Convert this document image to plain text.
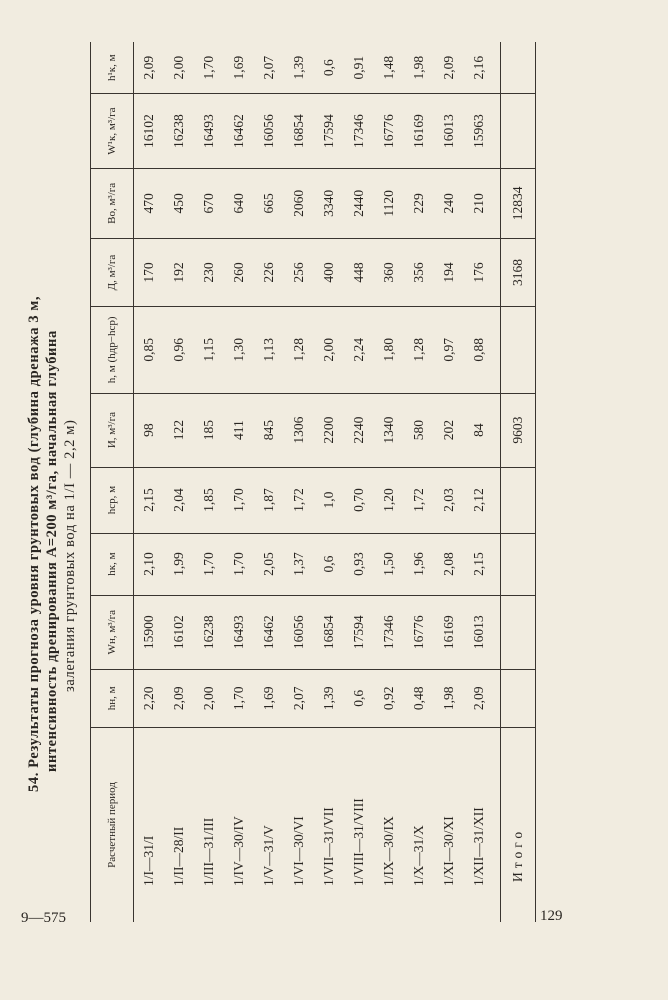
54. Результаты прогноза уровня грунтовых вод (глубина дренажа 3 м, интенсивность дренирования A=200 м³/га, начальная глубина залегания грунтовых вод на 1/I — 2,2 м)
Расчетный период	hн, м	Wн, м³/га	hк, м	hср, м	И, м³/га	h, м (hдр−hср)	Д, м³/га	Bо, м³/га	W¹к, м³/га	h¹к, м
1/I—31/I	2,20	15900	2,10	2,15	98	0,85	170	470	16102	2,09
1/II—28/II	2,09	16102	1,99	2,04	122	0,96	192	450	16238	2,00
1/III—31/III	2,00	16238	1,70	1,85	185	1,15	230	670	16493	1,70
1/IV—30/IV	1,70	16493	1,70	1,70	411	1,30	260	640	16462	1,69
1/V—31/V	1,69	16462	2,05	1,87	845	1,13	226	665	16056	2,07
1/VI—30/VI	2,07	16056	1,37	1,72	1306	1,28	256	2060	16854	1,39
1/VII—31/VII	1,39	16854	0,6	1,0	2200	2,00	400	3340	17594	0,6
1/VIII—31/VIII	0,6	17594	0,93	0,70	2240	2,24	448	2440	17346	0,91
1/IX—30/IX	0,92	17346	1,50	1,20	1340	1,80	360	1120	16776	1,48
1/X—31/X	0,48	16776	1,96	1,72	580	1,28	356	229	16169	1,98
1/XI—30/XI	1,98	16169	2,08	2,03	202	0,97	194	240	16013	2,09
1/XII—31/XII	2,09	16013	2,15	2,12	84	0,88	176	210	15963	2,16
Итого					9603		3168	12834		
9—575	129
